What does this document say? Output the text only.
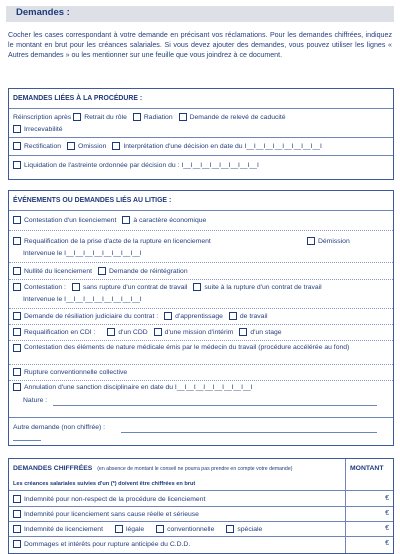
Demandes :
Cocher les cases correspondant à votre demande en précisant vos réclamations. Pour les demandes chiffrées, indiquez le montant en brut pour les créances salariales. Si vous devez ajouter des demandes, vous pouvez utiliser les lignes « Autres demandes » ou les mentionner sur une feuille que vous joindrez à ce document.
DEMANDES LIÉES À LA PROCÉDURE :
Réinscription après Retrait du rôle	Radiation	Demande de relevé de caducité
Irrecevabilité
Rectification	Omission	Interprétation d'une décision en date du I__I__I__I__I__I__I__I__I
Liquidation de l'astreinte ordonnée par décision du : I__I__I__I__I__I__I__I__I
ÉVÉNEMENTS OU DEMANDES LIÉS AU LITIGE :
Contestation d'un licenciement	à caractère économique
Requalification de la prise d'acte de la rupture en licenciement	Démission
Intervenue le I__I__I__I__I__I__I__I__I
Nullité du licenciement	Demande de réintégration
Contestation :	sans rupture d'un contrat de travail	suite à la rupture d'un contrat de travail
Intervenue le I__I__I__I__I__I__I__I__I
Demande de résiliation judiciaire du contrat :	d'apprentissage	de travail
Requalification en CDI :	d'un CDD	d'une mission d'intérim	d'un stage
Contestation des éléments de nature médicale émis par le médecin du travail (procédure accélérée au fond)
Rupture conventionnelle collective
Annulation d'une sanction disciplinaire en date du I__I__I__I__I__I__I__I__I
Nature :
Autre demande (non chiffrée) :
DEMANDES CHIFFRÉES (en absence de montant le conseil ne pourra pas prendre en compte votre demande)	MONTANT
Les créances salariales suivies d'un (*) doivent être chiffrées en brut
Indemnité pour non-respect de la procédure de licenciement	€
Indemnité pour licenciement sans cause réelle et sérieuse	€
Indemnité de licenciement	légale	conventionnelle	spéciale	€
Dommages et intérêts pour rupture anticipée du C.D.D.	€
